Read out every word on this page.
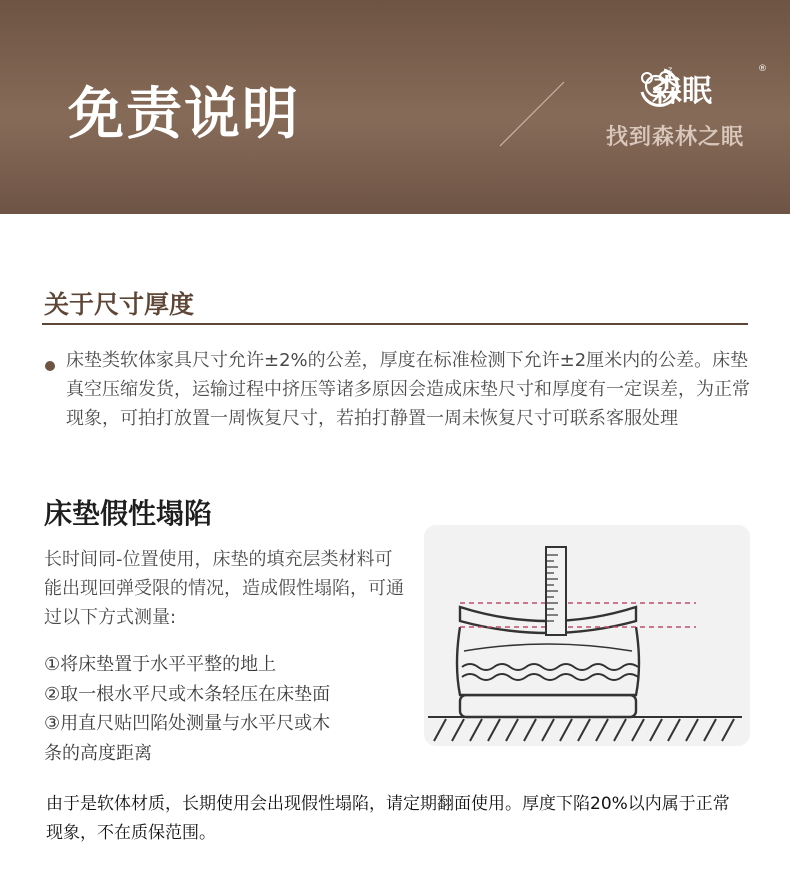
免责说明
z
森眠
®
找到森林之眠
关于尺寸厚度
床垫类软体家具尺寸允许±2%的公差，厚度在标准检测下允许±2厘米内的公差。床垫真空压缩发货，运输过程中挤压等诸多原因会造成床垫尺寸和厚度有一定误差，为正常现象，可拍打放置一周恢复尺寸，若拍打静置一周未恢复尺寸可联系客服处理
床垫假性塌陷
长时间同-位置使用，床垫的填充层类材料可能出现回弹受限的情况，造成假性塌陷，可通过以下方式测量:
①将床垫置于水平平整的地上
②取一根水平尺或木条轻压在床垫面
③用直尺贴凹陷处测量与水平尺或木
条的高度距离
由于是软体材质，长期使用会出现假性塌陷，请定期翻面使用。厚度下陷20%以内属于正常现象，不在质保范围。
